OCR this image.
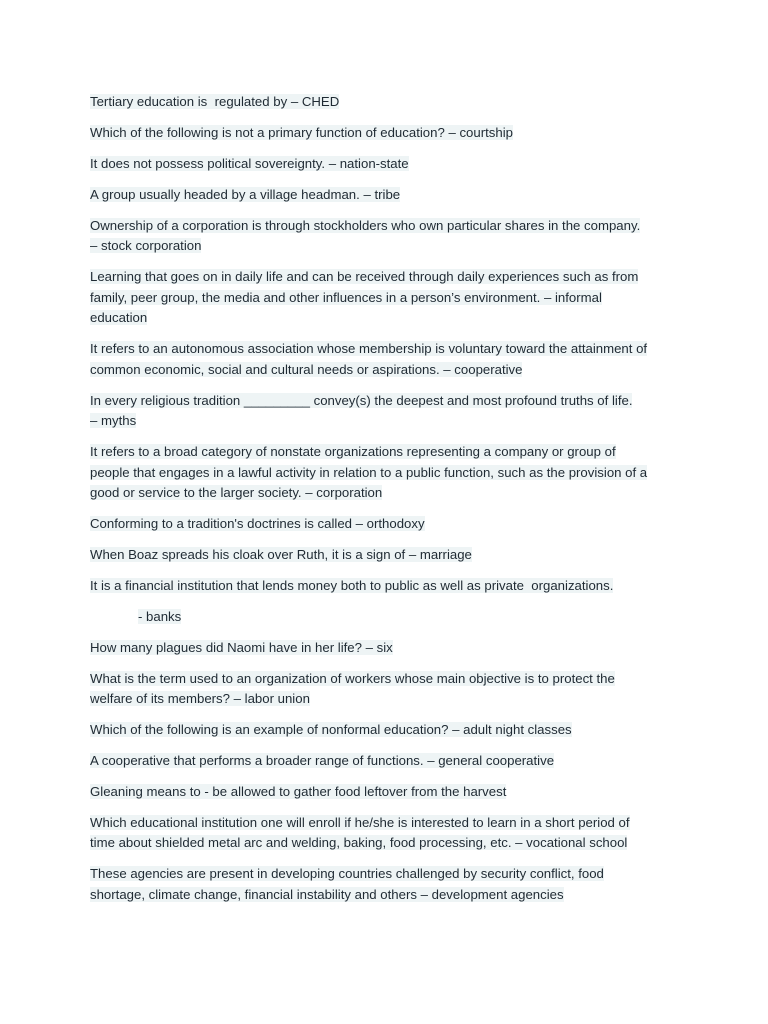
Tertiary education is  regulated by – CHED

Which of the following is not a primary function of education? – courtship

It does not possess political sovereignty. – nation-state

A group usually headed by a village headman. – tribe

Ownership of a corporation is through stockholders who own particular shares in the company.
– stock corporation

Learning that goes on in daily life and can be received through daily experiences such as from
family, peer group, the media and other influences in a person’s environment. – informal
education

It refers to an autonomous association whose membership is voluntary toward the attainment of
common economic, social and cultural needs or aspirations. – cooperative

In every religious tradition _________ convey(s) the deepest and most profound truths of life.
– myths

It refers to a broad category of nonstate organizations representing a company or group of
people that engages in a lawful activity in relation to a public function, such as the provision of a
good or service to the larger society. – corporation

Conforming to a tradition's doctrines is called – orthodoxy

When Boaz spreads his cloak over Ruth, it is a sign of – marriage

It is a financial institution that lends money both to public as well as private  organizations.

- banks

How many plagues did Naomi have in her life? – six

What is the term used to an organization of workers whose main objective is to protect the
welfare of its members? – labor union

Which of the following is an example of nonformal education? – adult night classes

A cooperative that performs a broader range of functions. – general cooperative

Gleaning means to - be allowed to gather food leftover from the harvest

Which educational institution one will enroll if he/she is interested to learn in a short period of
time about shielded metal arc and welding, baking, food processing, etc. – vocational school

These agencies are present in developing countries challenged by security conflict, food
shortage, climate change, financial instability and others – development agencies
